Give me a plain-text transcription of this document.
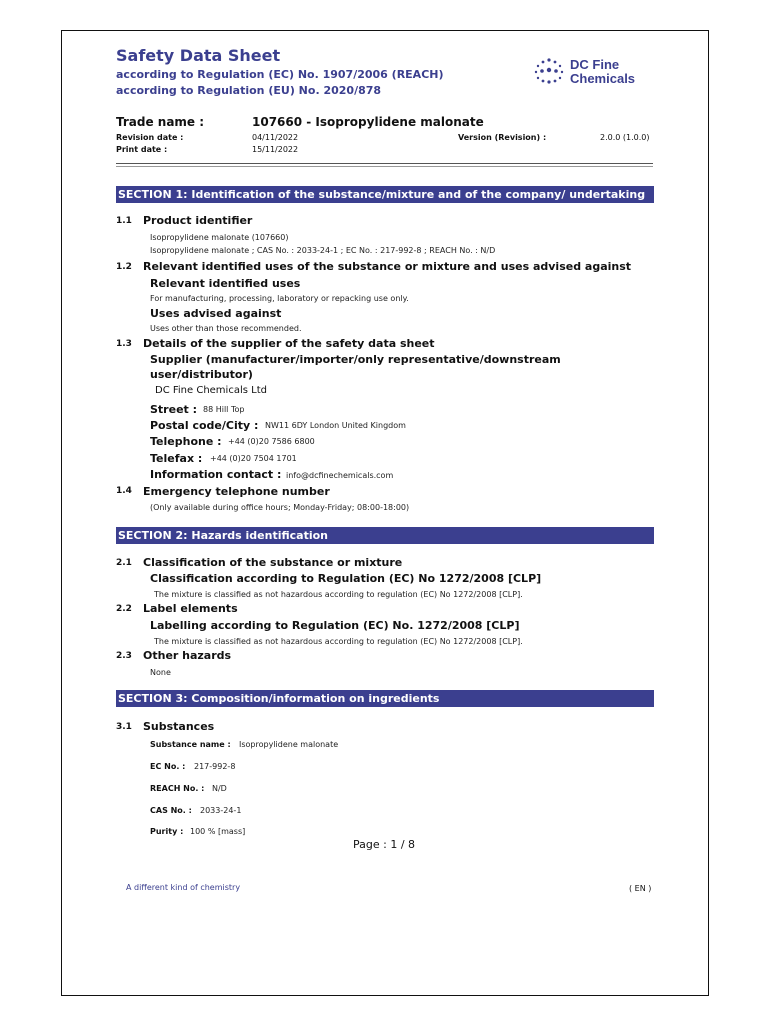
Safety Data Sheet
according to Regulation (EC) No. 1907/2006 (REACH)
according to Regulation (EU) No. 2020/878
DC Fine
Chemicals
Trade name :	107660 - Isopropylidene malonate
Revision date :	04/11/2022	Version (Revision) :	2.0.0 (1.0.0)
Print date :	15/11/2022
SECTION 1: Identification of the substance/mixture and of the company/ undertaking
1.1 Product identifier
Isopropylidene malonate (107660)
Isopropylidene malonate ; CAS No. : 2033-24-1 ; EC No. : 217-992-8 ; REACH No. : N/D
1.2 Relevant identified uses of the substance or mixture and uses advised against
Relevant identified uses
For manufacturing, processing, laboratory or repacking use only.
Uses advised against
Uses other than those recommended.
1.3 Details of the supplier of the safety data sheet
Supplier (manufacturer/importer/only representative/downstream
user/distributor)
DC Fine Chemicals Ltd
Street : 88 Hill Top
Postal code/City : NW11 6DY London United Kingdom
Telephone : +44 (0)20 7586 6800
Telefax : +44 (0)20 7504 1701
Information contact : info@dcfinechemicals.com
1.4 Emergency telephone number
(Only available during office hours; Monday-Friday; 08:00-18:00)
SECTION 2: Hazards identification
2.1 Classification of the substance or mixture
Classification according to Regulation (EC) No 1272/2008 [CLP]
The mixture is classified as not hazardous according to regulation (EC) No 1272/2008 [CLP].
2.2 Label elements
Labelling according to Regulation (EC) No. 1272/2008 [CLP]
The mixture is classified as not hazardous according to regulation (EC) No 1272/2008 [CLP].
2.3 Other hazards
None
SECTION 3: Composition/information on ingredients
3.1 Substances
Substance name : Isopropylidene malonate
EC No. : 217-992-8
REACH No. : N/D
CAS No. : 2033-24-1
Purity : 100 % [mass]
Page : 1 / 8
A different kind of chemistry	( EN )
